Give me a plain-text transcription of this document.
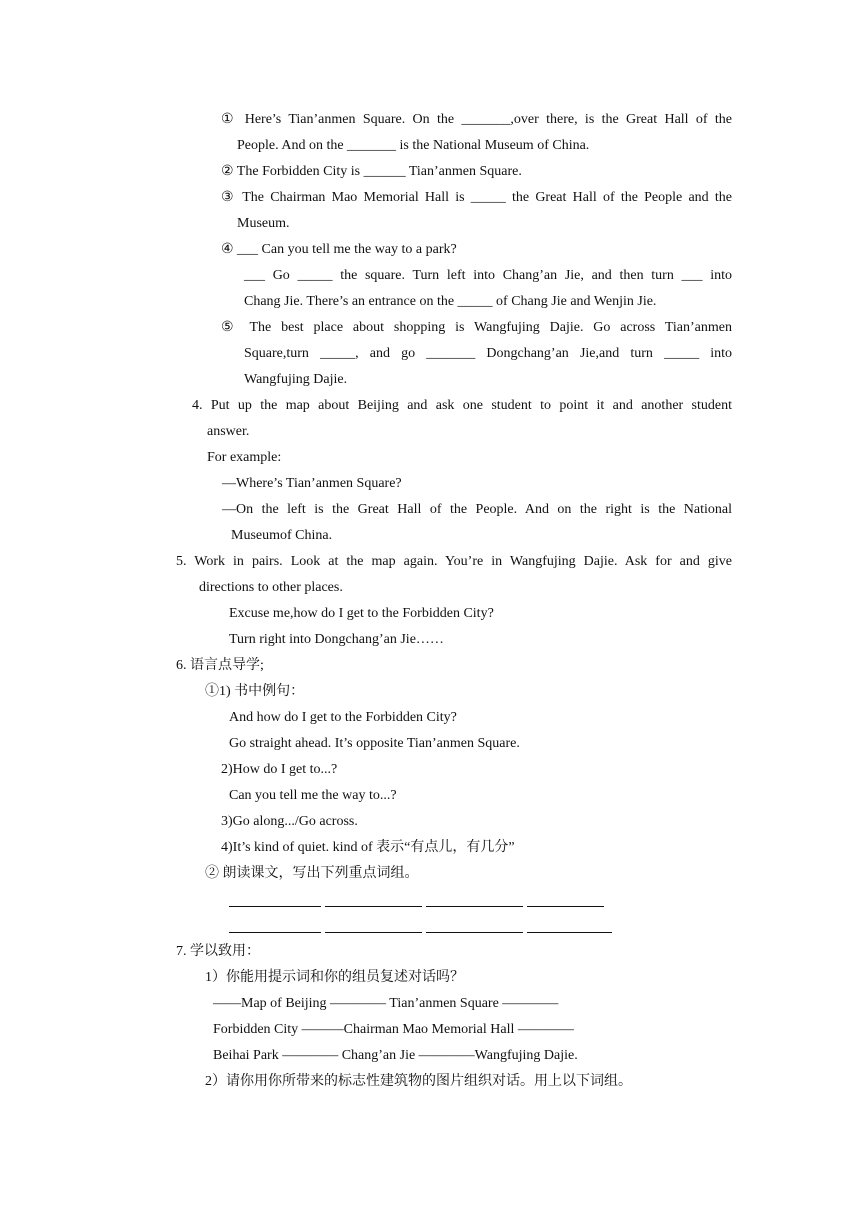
① Here’s Tian’anmen Square. On the _______,over there, is the Great Hall of the
People. And on the _______ is the National Museum of China.
② The Forbidden City is ______ Tian’anmen Square.
③ The Chairman Mao Memorial Hall is _____ the Great Hall of the People and the
Museum.
④ ___ Can you tell me the way to a park?
___ Go _____ the square. Turn left into Chang’an Jie, and then turn ___ into
Chang Jie. There’s an entrance on the _____ of Chang Jie and Wenjin Jie.
⑤ The best place about shopping is Wangfujing Dajie. Go across Tian’anmen
Square,turn _____, and go _______ Dongchang’an Jie,and turn _____ into
Wangfujing Dajie.
4. Put up the map about Beijing and ask one student to point it and another student
answer.
For example:
—Where’s Tian’anmen Square?
—On the left is the Great Hall of the People. And on the right is the National
Museumof China.
5. Work in pairs. Look at the map again. You’re in Wangfujing Dajie. Ask for and give
directions to other places.
Excuse me,how do I get to the Forbidden City?
Turn right into Dongchang’an Jie……
6. 语言点导学;
①1) 书中例句：
And how do I get to the Forbidden City?
Go straight ahead. It’s opposite Tian’anmen Square.
2)How do I get to...?
Can you tell me the way to...?
3)Go along.../Go across.
4)It’s kind of quiet. kind of 表示“有点儿，有几分”
② 朗读课文，写出下列重点词组。
7. 学以致用：
1）你能用提示词和你的组员复述对话吗？
——Map of Beijing ———— Tian’anmen Square ————
Forbidden City ———Chairman Mao Memorial Hall ————
Beihai Park ———— Chang’an Jie ————Wangfujing Dajie.
2）请你用你所带来的标志性建筑物的图片组织对话。用上以下词组。
